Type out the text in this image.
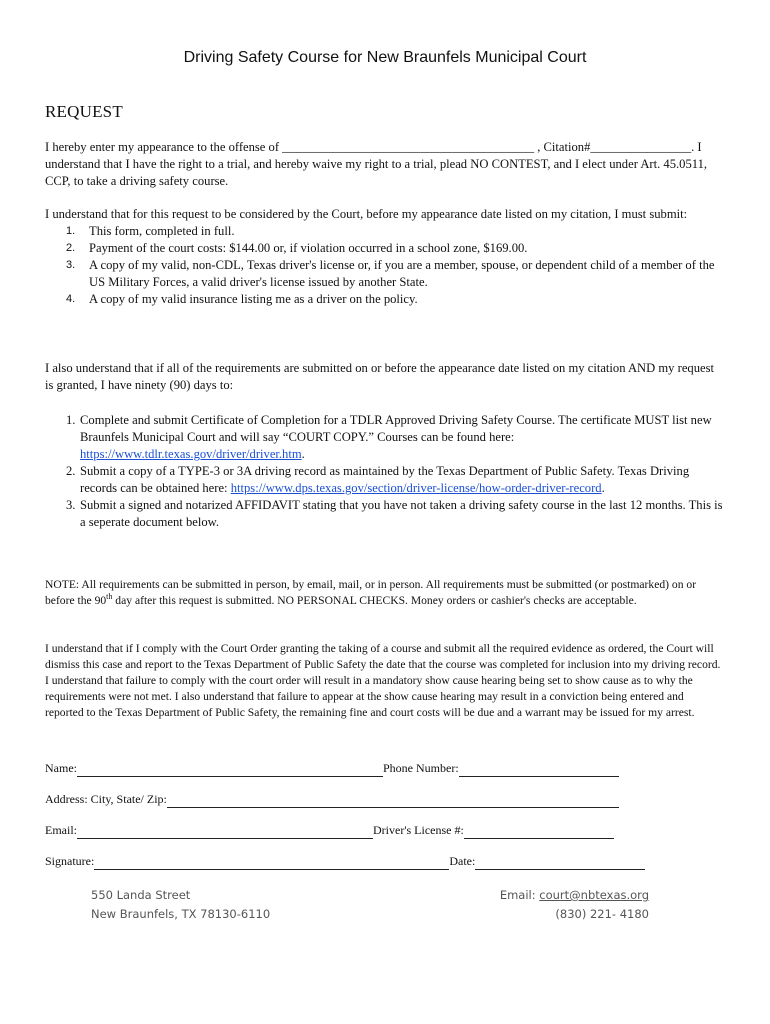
Driving Safety Course for New Braunfels Municipal Court
REQUEST

I hereby enter my appearance to the offense of ________________________________________ , Citation#________________. I understand that I have the right to a trial, and hereby waive my right to a trial, plead NO CONTEST, and I elect under Art. 45.0511, CCP, to take a driving safety course.

I understand that for this request to be considered by the Court, before my appearance date listed on my citation, I must submit:

1. This form, completed in full.
2. Payment of the court costs: $144.00 or, if violation occurred in a school zone, $169.00.
3. A copy of my valid, non-CDL, Texas driver's license or, if you are a member, spouse, or dependent child of a member of the US Military Forces, a valid driver's license issued by another State.
4. A copy of my valid insurance listing me as a driver on the policy.

I also understand that if all of the requirements are submitted on or before the appearance date listed on my citation AND my request is granted, I have ninety (90) days to:

1. Complete and submit Certificate of Completion for a TDLR Approved Driving Safety Course. The certificate MUST list new Braunfels Municipal Court and will say “COURT COPY.” Courses can be found here: https://www.tdlr.texas.gov/driver/driver.htm.
2. Submit a copy of a TYPE-3 or 3A driving record as maintained by the Texas Department of Public Safety. Texas Driving records can be obtained here: https://www.dps.texas.gov/section/driver-license/how-order-driver-record.
3. Submit a signed and notarized AFFIDAVIT stating that you have not taken a driving safety course in the last 12 months. This is a seperate document below.

NOTE: All requirements can be submitted in person, by email, mail, or in person. All requirements must be submitted (or postmarked) on or before the 90th day after this request is submitted. NO PERSONAL CHECKS. Money orders or cashier's checks are acceptable.

I understand that if I comply with the Court Order granting the taking of a course and submit all the required evidence as ordered, the Court will dismiss this case and report to the Texas Department of Public Safety the date that the course was completed for inclusion into my driving record. I understand that failure to comply with the court order will result in a mandatory show cause hearing being set to show cause as to why the requirements were not met. I also understand that failure to appear at the show cause hearing may result in a conviction being entered and reported to the Texas Department of Public Safety, the remaining fine and court costs will be due and a warrant may be issued for my arrest.

Name:	Phone Number:
Address: City, State/ Zip:
Email:	Driver's License #:
Signature:	Date:
550 Landa Street
New Braunfels, TX 78130-6110
Email: court@nbtexas.org
(830) 221- 4180
